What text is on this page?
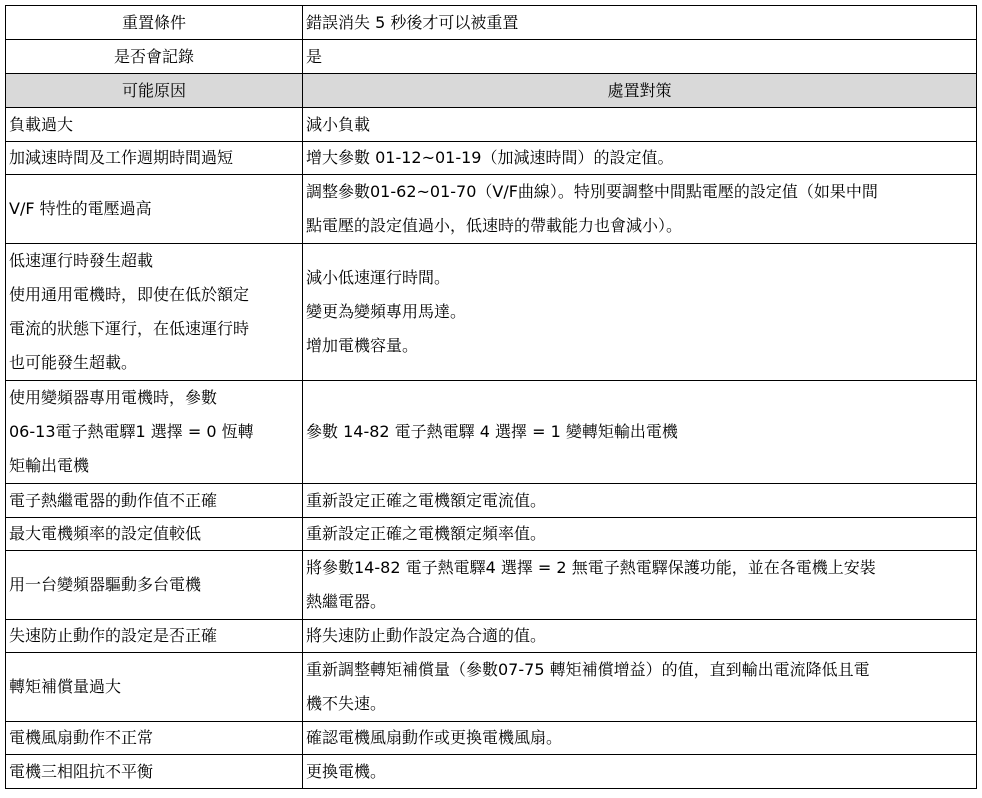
重置條件	錯誤消失 5 秒後才可以被重置
是否會記錄	是
可能原因	處置對策

負載過大	減小負載

加減速時間及工作週期時間過短	增大參數 01-12~01-19（加減速時間）的設定值。

V/F 特性的電壓過高	調整參數01-62~01-70（V/F曲線）。特別要調整中間點電壓的設定值（如果中間
點電壓的設定值過小，低速時的帶載能力也會減小）。

低速運行時發生超載
使用通用電機時，即使在低於額定
電流的狀態下運行，在低速運行時
也可能發生超載。	減小低速運行時間。
變更為變頻專用馬達。
增加電機容量。

使用變頻器專用電機時，參數
06-13電子熱電驛1 選擇 = 0 恆轉
矩輸出電機	參數 14-82 電子熱電驛 4 選擇 = 1 變轉矩輸出電機

電子熱繼電器的動作值不正確	重新設定正確之電機額定電流值。

最大電機頻率的設定值較低	重新設定正確之電機額定頻率值。

用一台變頻器驅動多台電機	將參數14-82 電子熱電驛4 選擇 = 2 無電子熱電驛保護功能，並在各電機上安裝
熱繼電器。

失速防止動作的設定是否正確	將失速防止動作設定為合適的值。

轉矩補償量過大	重新調整轉矩補償量（參數07-75 轉矩補償增益）的值，直到輸出電流降低且電
機不失速。

電機風扇動作不正常	確認電機風扇動作或更換電機風扇。

電機三相阻抗不平衡	更換電機。
